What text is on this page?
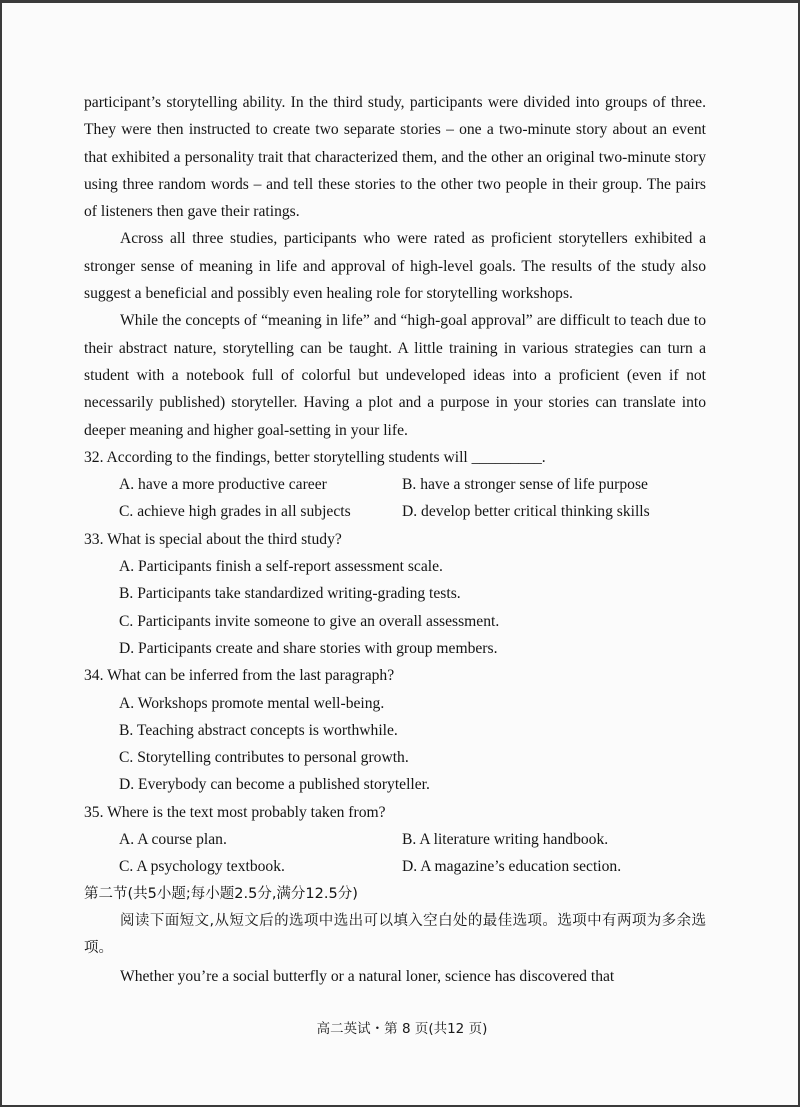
participant’s storytelling ability. In the third study, participants were divided into groups of three. They were then instructed to create two separate stories – one a two-minute story about an event that exhibited a personality trait that characterized them, and the other an original two-minute story using three random words – and tell these stories to the other two people in their group. The pairs of listeners then gave their ratings.

Across all three studies, participants who were rated as proficient storytellers exhibited a stronger sense of meaning in life and approval of high-level goals. The results of the study also suggest a beneficial and possibly even healing role for storytelling workshops.

While the concepts of “meaning in life” and “high-goal approval” are difficult to teach due to their abstract nature, storytelling can be taught. A little training in various strategies can turn a student with a notebook full of colorful but undeveloped ideas into a proficient (even if not necessarily published) storyteller. Having a plot and a purpose in your stories can translate into deeper meaning and higher goal-setting in your life.

32. According to the findings, better storytelling students will _________.

A. have a more productive career	B. have a stronger sense of life purpose
C. achieve high grades in all subjects	D. develop better critical thinking skills

33. What is special about the third study?

A. Participants finish a self-report assessment scale.

B. Participants take standardized writing-grading tests.

C. Participants invite someone to give an overall assessment.

D. Participants create and share stories with group members.

34. What can be inferred from the last paragraph?

A. Workshops promote mental well-being.

B. Teaching abstract concepts is worthwhile.

C. Storytelling contributes to personal growth.

D. Everybody can become a published storyteller.

35. Where is the text most probably taken from?

A. A course plan.	B. A literature writing handbook.
C. A psychology textbook.	D. A magazine’s education section.

第二节(共5小题;每小题2.5分,满分12.5分)

阅读下面短文,从短文后的选项中选出可以填入空白处的最佳选项。选项中有两项为多余选项。

Whether you’re a social butterfly or a natural loner, science has discovered that

高二英试・第 8 页(共12 页)
